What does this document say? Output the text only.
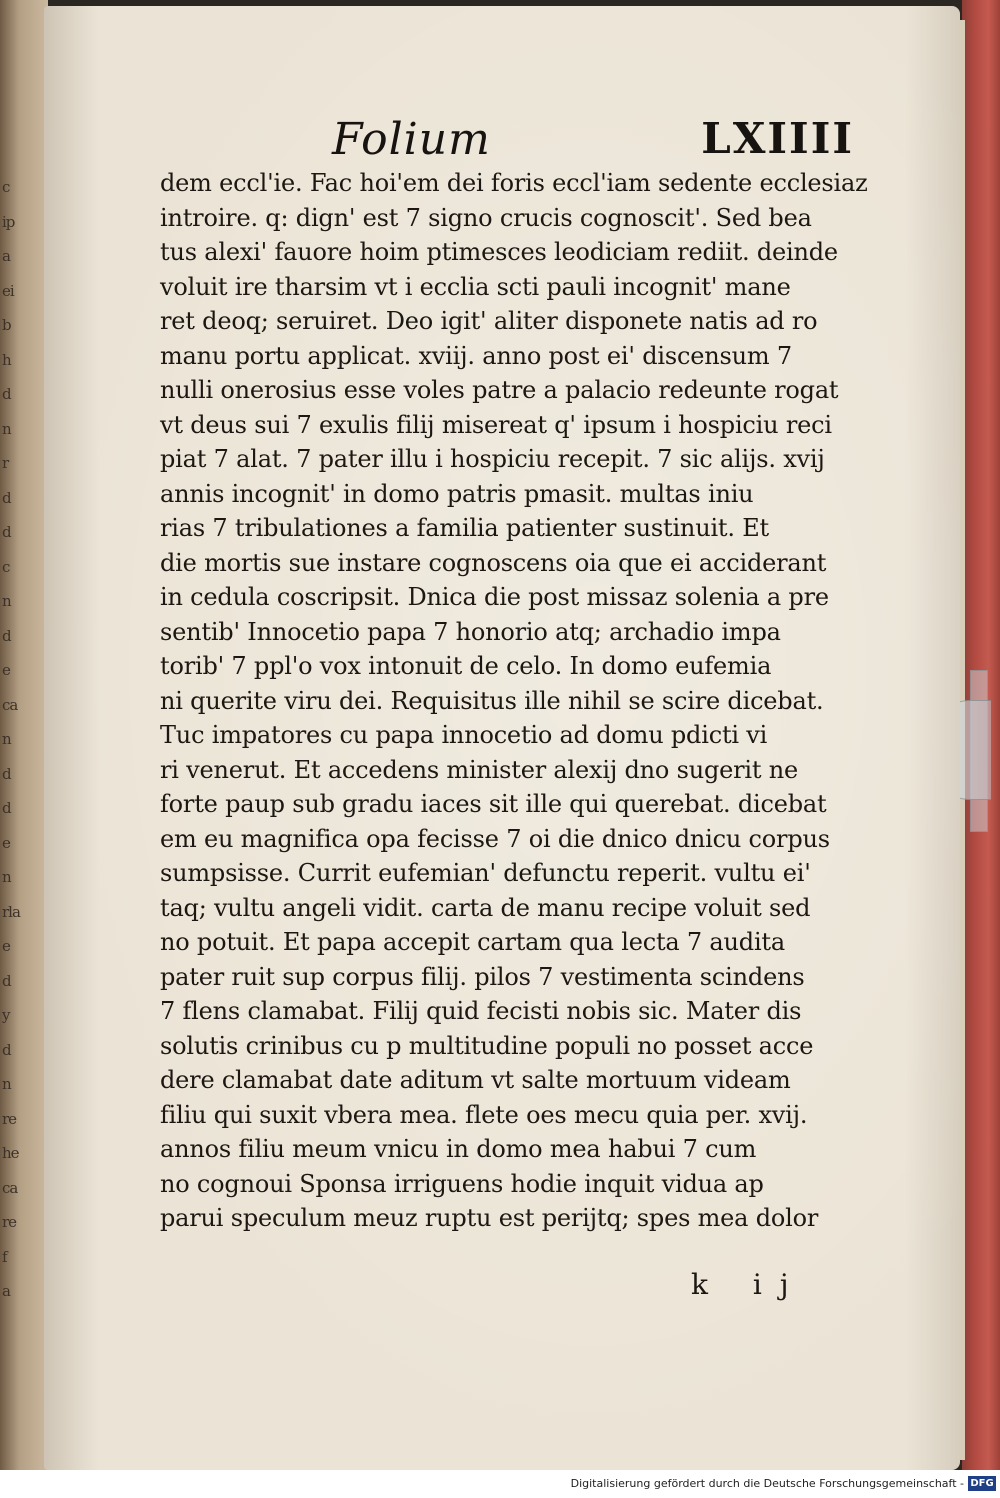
c
ip
a
ei
b
h
d
n
r
d
d
c
n
d
e
ca
n
d
d
e
n
rla
e
d
y
d
n
re
he
ca
re
f
a
Folium	LXIIII
dem eccl'ie. Fac hoi'em dei foris eccl'iam sedente ecclesiaz
introire. q: dign' est 7 signo crucis cognoscit'. Sed bea
tus alexi' fauore hoim ptimesces leodiciam rediit. deinde
voluit ire tharsim vt i ecclia scti pauli incognit' mane
ret deoq; seruiret. Deo igit' aliter disponete natis ad ro
manu portu applicat. xviij. anno post ei' discensum 7
nulli onerosius esse voles patre a palacio redeunte rogat
vt deus sui 7 exulis filij misereat q' ipsum i hospiciu reci
piat 7 alat. 7 pater illu i hospiciu recepit. 7 sic alijs. xvij
annis incognit' in domo patris pmasit. multas iniu
rias 7 tribulationes a familia patienter sustinuit. Et
die mortis sue instare cognoscens oia que ei acciderant
in cedula coscripsit. Dnica die post missaz solenia a pre
sentib' Innocetio papa 7 honorio atq; archadio impa
torib' 7 ppl'o vox intonuit de celo. In domo eufemia
ni querite viru dei. Requisitus ille nihil se scire dicebat.
Tuc impatores cu papa innocetio ad domu pdicti vi
ri venerut. Et accedens minister alexij dno sugerit ne
forte paup sub gradu iaces sit ille qui querebat. dicebat
em eu magnifica opa fecisse 7 oi die dnico dnicu corpus
sumpsisse. Currit eufemian' defunctu reperit. vultu ei'
taq; vultu angeli vidit. carta de manu recipe voluit sed
no potuit. Et papa accepit cartam qua lecta 7 audita
pater ruit sup corpus filij. pilos 7 vestimenta scindens
7 flens clamabat. Filij quid fecisti nobis sic. Mater dis
solutis crinibus cu p multitudine populi no posset acce
dere clamabat date aditum vt salte mortuum videam
filiu qui suxit vbera mea. flete oes mecu quia per. xvij.
annos filiu meum vnicu in domo mea habui 7 cum
no cognoui Sponsa irriguens hodie inquit vidua ap
parui speculum meuz ruptu est perijtq; spes mea dolor
k ij
Digitalisierung gefördert durch die Deutsche Forschungsgemeinschaft - DFG
